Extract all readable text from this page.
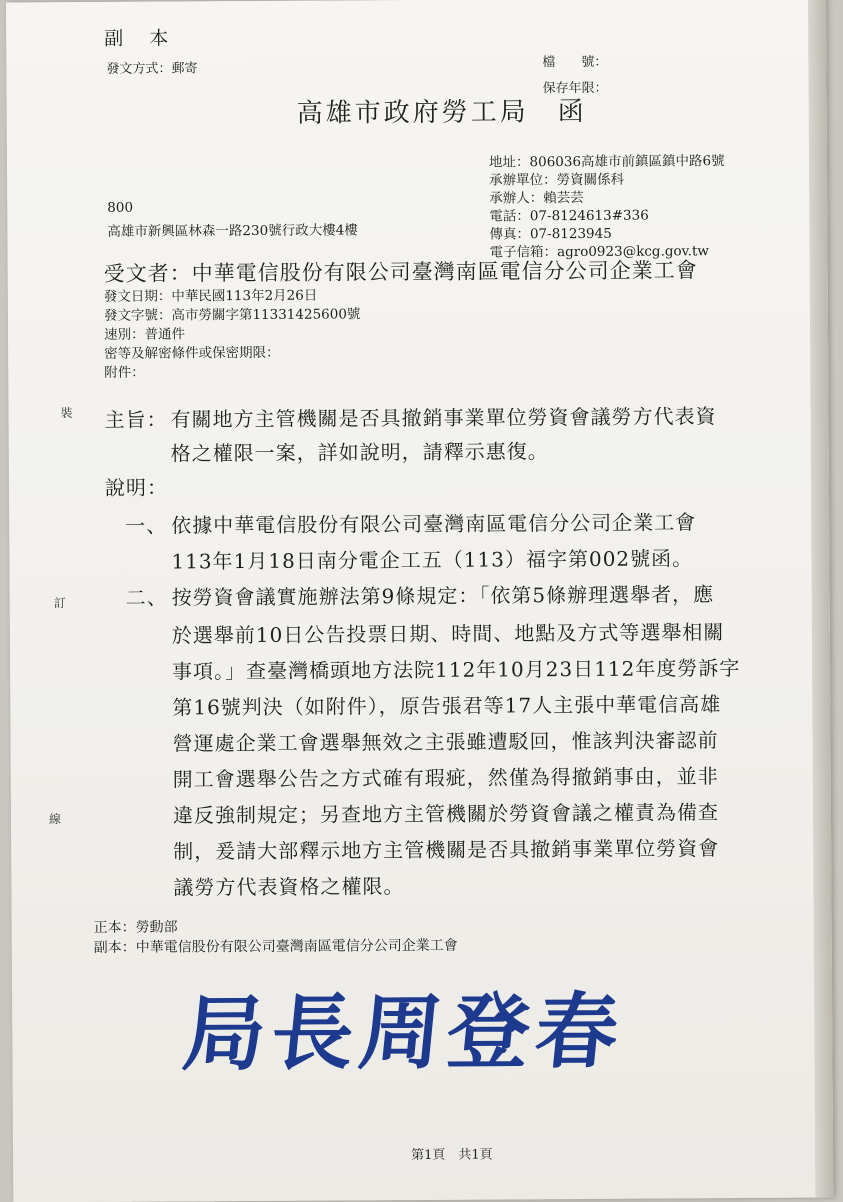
副 本
發文方式：郵寄	檔　　號：
保存年限：
高雄市政府勞工局　函
地址：806036高雄市前鎮區鎮中路6號
承辦單位：勞資關係科
承辦人：賴芸芸
電話：07-8124613#336
傳真：07-8123945
電子信箱：agro0923@kcg.gov.tw
800
高雄市新興區林森一路230號行政大樓4樓
受文者：中華電信股份有限公司臺灣南區電信分公司企業工會
發文日期：中華民國113年2月26日
發文字號：高市勞關字第11331425600號
速別：普通件
密等及解密條件或保密期限：
附件：
裝
訂
線
主旨： 有關地方主管機關是否具撤銷事業單位勞資會議勞方代表資
格之權限一案，詳如說明，請釋示惠復。
說明：
一、 依據中華電信股份有限公司臺灣南區電信分公司企業工會
113年1月18日南分電企工五（113）福字第002號函。
二、 按勞資會議實施辦法第9條規定：「依第5條辦理選舉者，應
於選舉前10日公告投票日期、時間、地點及方式等選舉相關
事項。」查臺灣橋頭地方法院112年10月23日112年度勞訴字
第16號判決（如附件），原告張君等17人主張中華電信高雄
營運處企業工會選舉無效之主張雖遭駁回，惟該判決審認前
開工會選舉公告之方式確有瑕疵，然僅為得撤銷事由，並非
違反強制規定；另查地方主管機關於勞資會議之權責為備查
制，爰請大部釋示地方主管機關是否具撤銷事業單位勞資會
議勞方代表資格之權限。
正本：勞動部
副本：中華電信股份有限公司臺灣南區電信分公司企業工會
局長周登春
第1頁　共1頁
